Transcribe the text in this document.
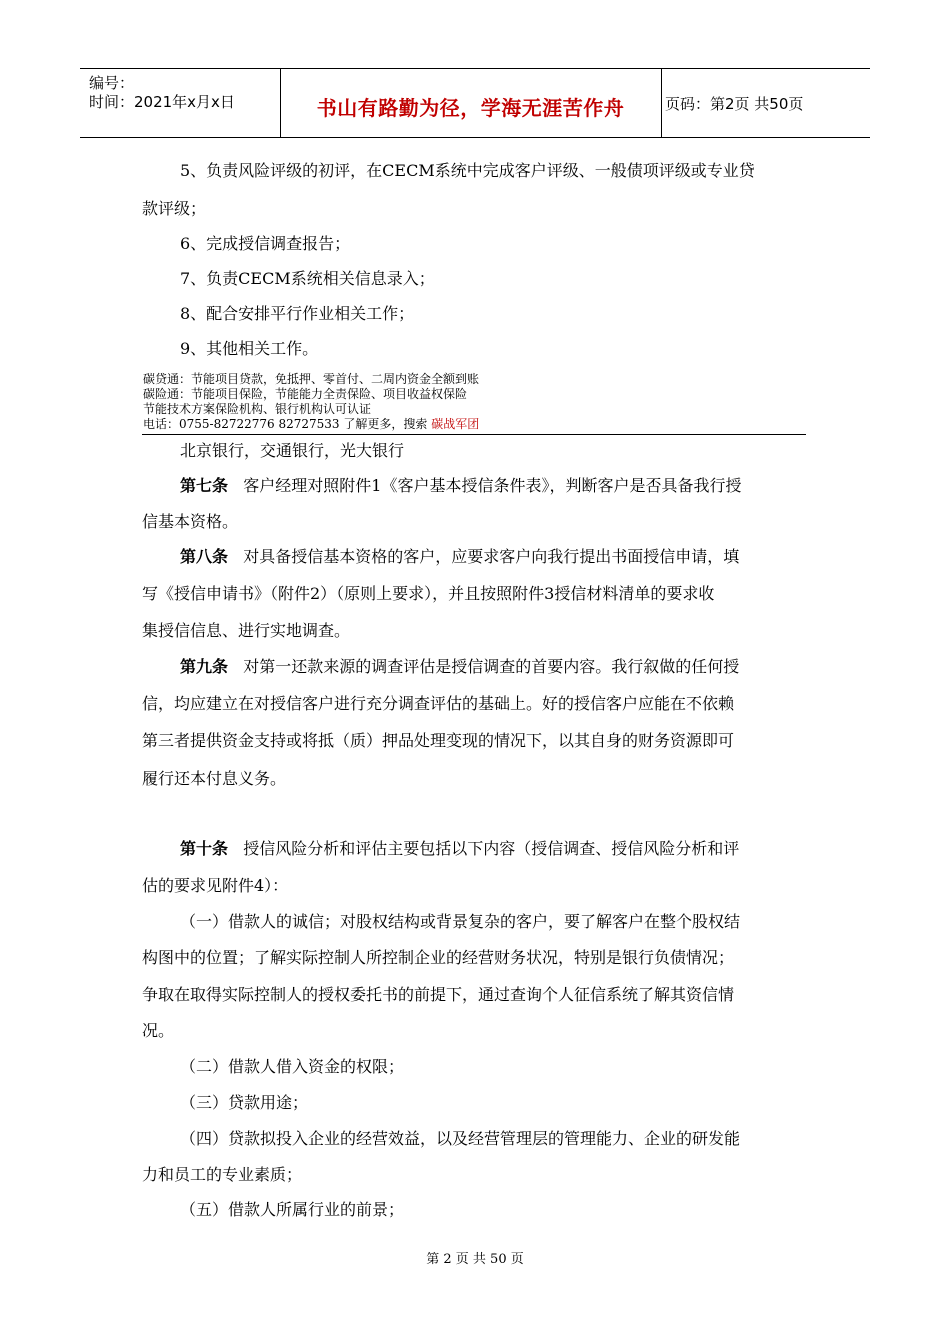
编号：
时间：2021年x月x日	书山有路勤为径，学海无涯苦作舟	页码：第2页 共50页
5、负责风险评级的初评，在CECM系统中完成客户评级、一般债项评级或专业贷
款评级；
6、完成授信调查报告；
7、负责CECM系统相关信息录入；
8、配合安排平行作业相关工作；
9、其他相关工作。
碳贷通：节能项目贷款，免抵押、零首付、二周内资金全额到账
碳险通：节能项目保险，节能能力全责保险、项目收益权保险
节能技术方案保险机构、银行机构认可认证
电话：0755-82722776 82727533 了解更多，搜索 碳战军团
北京银行，交通银行，光大银行
第七条 客户经理对照附件1《客户基本授信条件表》，判断客户是否具备我行授
信基本资格。
第八条 对具备授信基本资格的客户，应要求客户向我行提出书面授信申请，填
写《授信申请书》（附件2）（原则上要求），并且按照附件3授信材料清单的要求收
集授信信息、进行实地调查。
第九条 对第一还款来源的调查评估是授信调查的首要内容。我行叙做的任何授
信，均应建立在对授信客户进行充分调查评估的基础上。好的授信客户应能在不依赖
第三者提供资金支持或将抵（质）押品处理变现的情况下，以其自身的财务资源即可
履行还本付息义务。
第十条 授信风险分析和评估主要包括以下内容（授信调查、授信风险分析和评
估的要求见附件4）：
（一）借款人的诚信；对股权结构或背景复杂的客户，要了解客户在整个股权结
构图中的位置；了解实际控制人所控制企业的经营财务状况，特别是银行负债情况；
争取在取得实际控制人的授权委托书的前提下，通过查询个人征信系统了解其资信情
况。
（二）借款人借入资金的权限；
（三）贷款用途；
（四）贷款拟投入企业的经营效益，以及经营管理层的管理能力、企业的研发能
力和员工的专业素质；
（五）借款人所属行业的前景；
第 2 页 共 50 页
